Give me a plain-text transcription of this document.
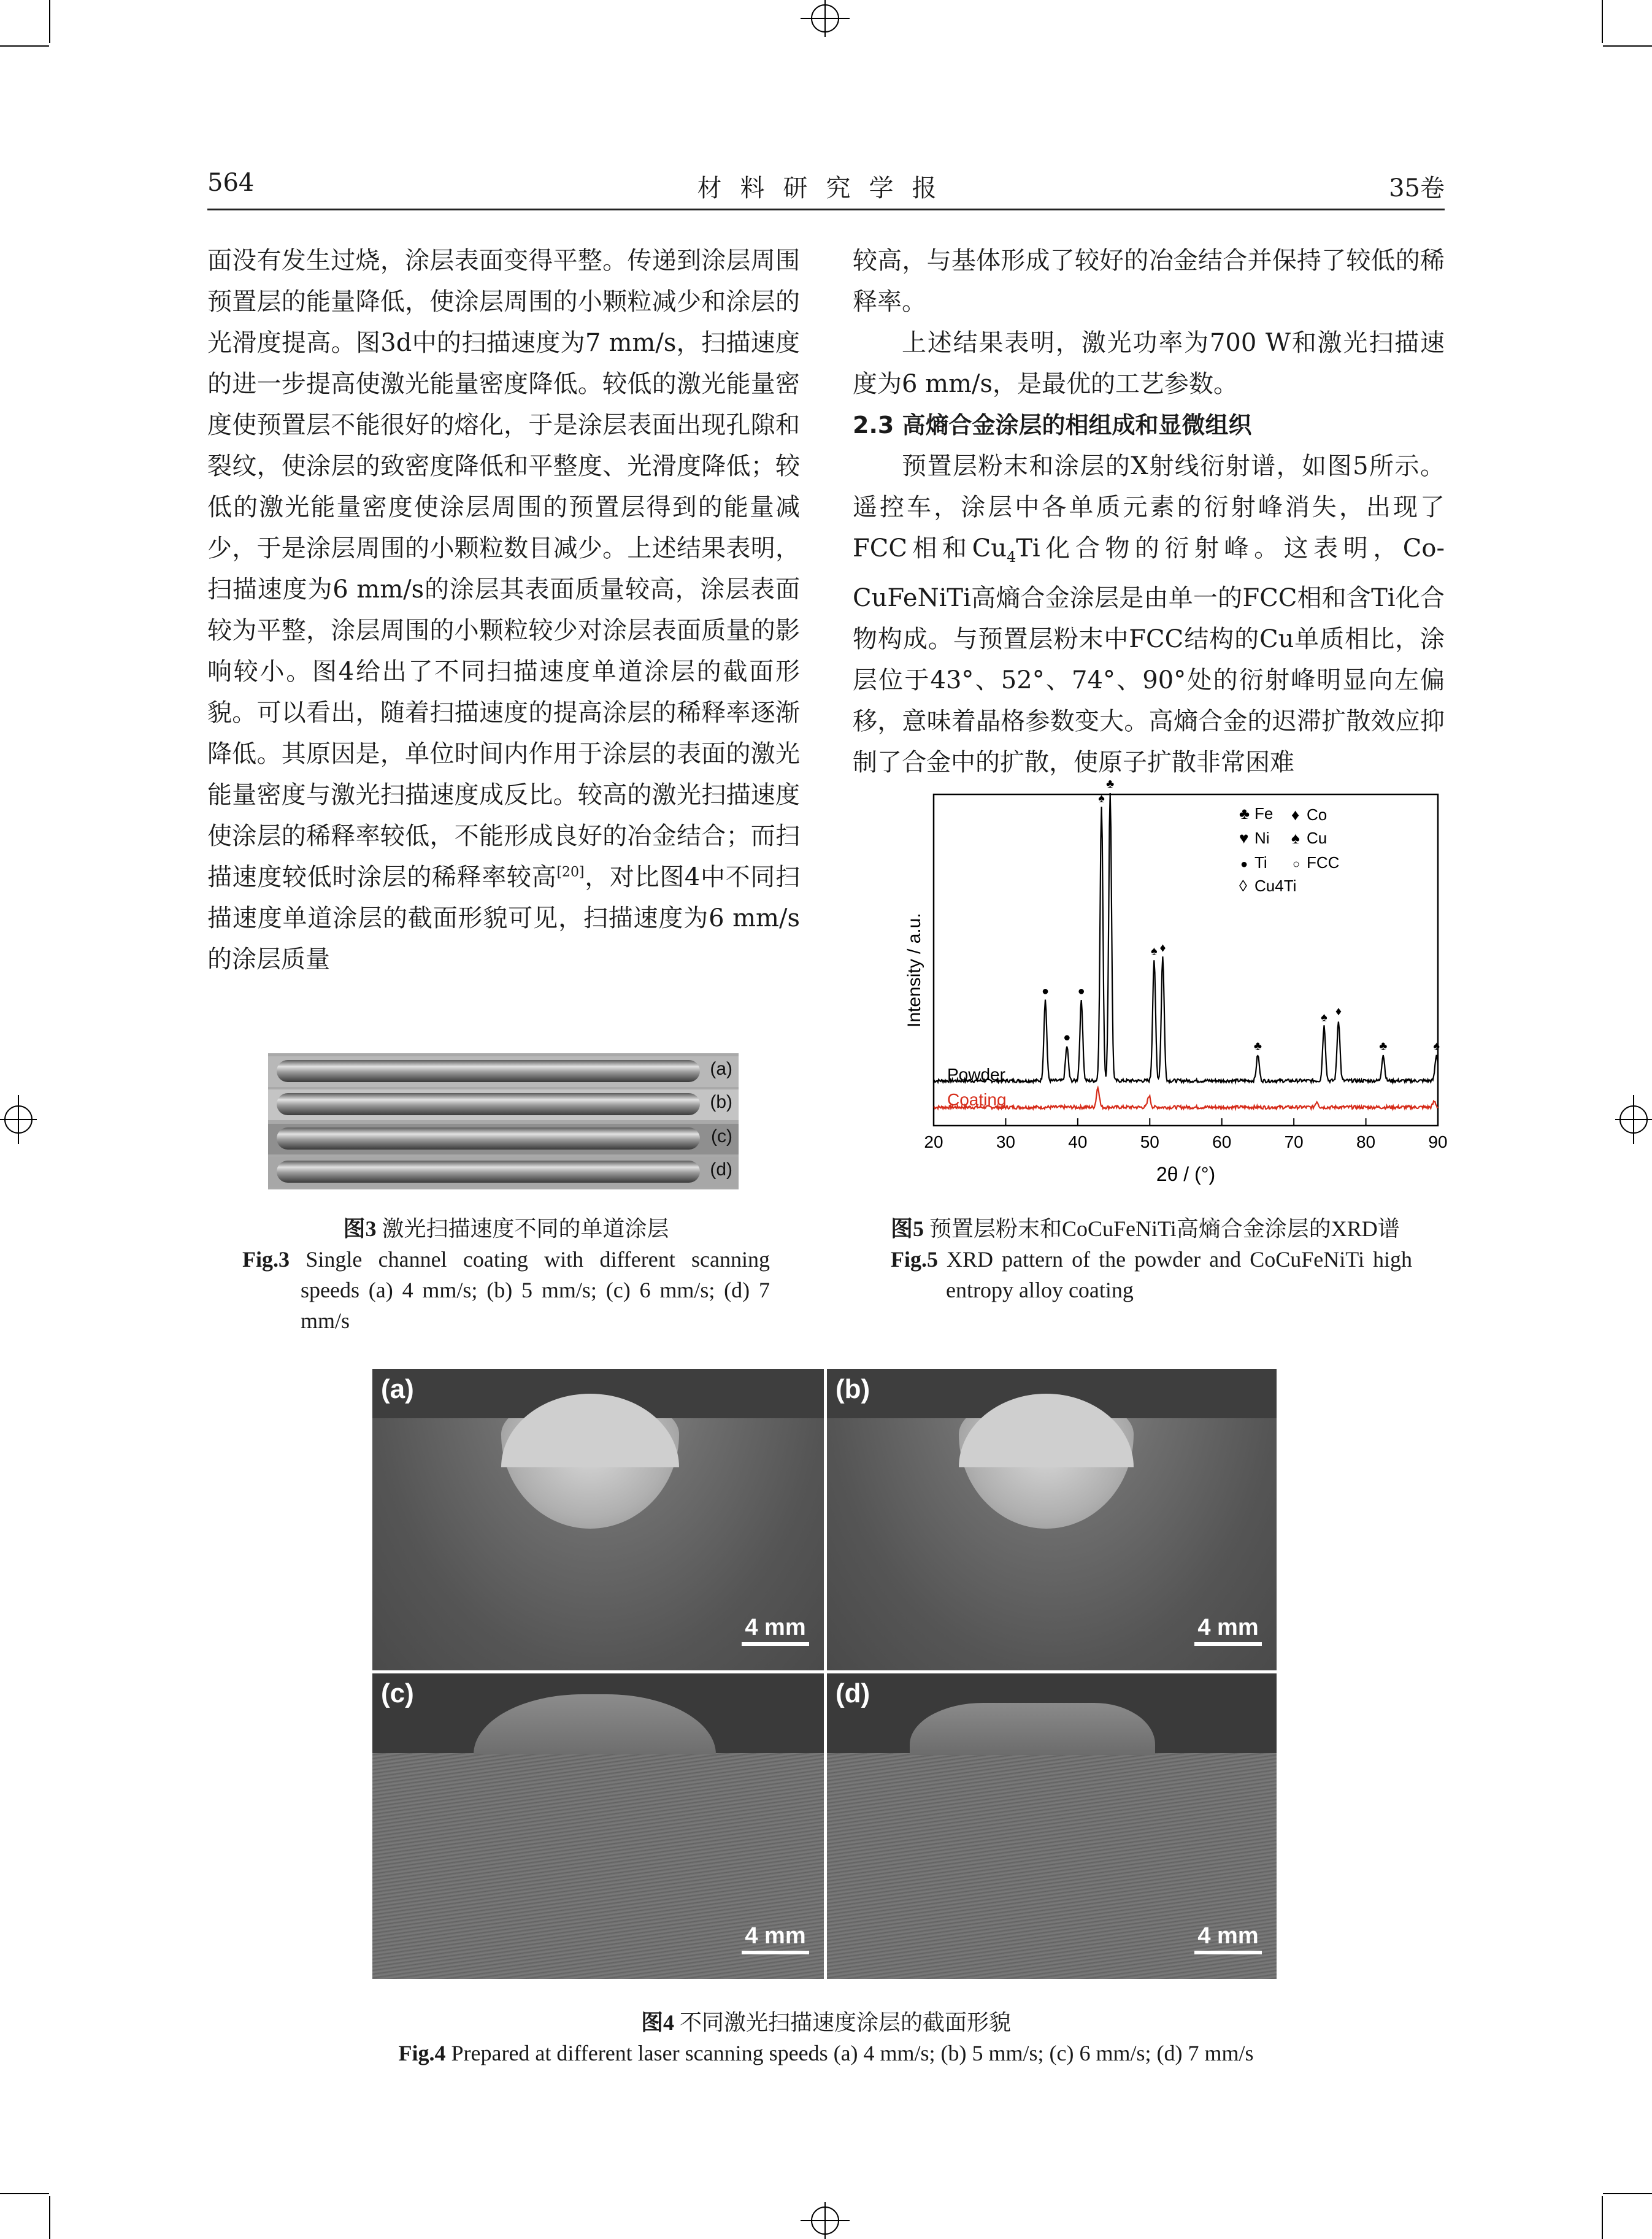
564	材料研究学报	35卷

面没有发生过烧，涂层表面变得平整。传递到涂层周围预置层的能量降低，使涂层周围的小颗粒减少和涂层的光滑度提高。图3d中的扫描速度为7 mm/s，扫描速度的进一步提高使激光能量密度降低。较低的激光能量密度使预置层不能很好的熔化，于是涂层表面出现孔隙和裂纹，使涂层的致密度降低和平整度、光滑度降低；较低的激光能量密度使涂层周围的预置层得到的能量减少，于是涂层周围的小颗粒数目减少。上述结果表明，扫描速度为6 mm/s的涂层其表面质量较高，涂层表面较为平整，涂层周围的小颗粒较少对涂层表面质量的影响较小。图4给出了不同扫描速度单道涂层的截面形貌。可以看出，随着扫描速度的提高涂层的稀释率逐渐降低。其原因是，单位时间内作用于涂层的表面的激光能量密度与激光扫描速度成反比。较高的激光扫描速度使涂层的稀释率较低，不能形成良好的冶金结合；而扫描速度较低时涂层的稀释率较高[20]，对比图4中不同扫描速度单道涂层的截面形貌可见，扫描速度为6 mm/s的涂层质量

较高，与基体形成了较好的冶金结合并保持了较低的稀释率。

上述结果表明，激光功率为700 W和激光扫描速度为6 mm/s，是最优的工艺参数。

2.3 高熵合金涂层的相组成和显微组织

预置层粉末和涂层的X射线衍射谱，如图5所示。遥控车，涂层中各单质元素的衍射峰消失，出现了FCC相和$Cu_4Ti$化合物的衍射峰。这表明，Co-CuFeNiTi高熵合金涂层是由单一的FCC相和含Ti化合物构成。与预置层粉末中FCC结构的Cu单质相比，涂层位于43°、52°、74°、90°处的衍射峰明显向左偏移，意味着晶格参数变大。高熵合金的迟滞扩散效应抑制了合金中的扩散，使原子扩散非常困难

(a)
(b)
(c)
(d)
图3 激光扫描速度不同的单道涂层
Fig.3 Single channel coating with different scanning speeds (a) 4 mm/s; (b) 5 mm/s; (c) 6 mm/s; (d) 7 mm/s
20	30	40	50	60	70	80	90
●
●
●
♠
♣
♠ ♦
♣
♠ ♦
♣	♠
Powder
Coating
Intensity / a.u.
2θ / (°)
♣ Fe ♦ Co
♥ Ni ♠ Cu
● Ti ○ FCC
◊ Cu4Ti
图5 预置层粉末和CoCuFeNiTi高熵合金涂层的XRD谱
Fig.5 XRD pattern of the powder and CoCuFeNiTi high entropy alloy coating
(a)
4 mm
(b)
4 mm
(c)
4 mm
(d)
4 mm
图4 不同激光扫描速度涂层的截面形貌
Fig.4 Prepared at different laser scanning speeds (a) 4 mm/s; (b) 5 mm/s; (c) 6 mm/s; (d) 7 mm/s
